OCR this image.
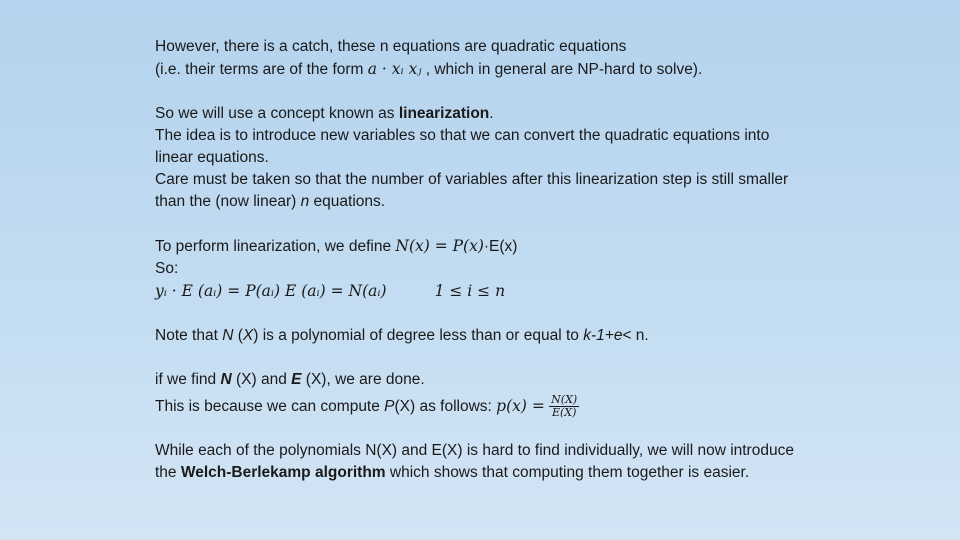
However, there is a catch, these n equations are quadratic equations
(i.e. their terms are of the form a · xᵢ xⱼ , which in general are NP-hard to solve).
So we will use a concept known as linearization.
The idea is to introduce new variables so that we can convert the quadratic equations into
linear equations.
Care must be taken so that the number of variables after this linearization step is still smaller
than the (now linear) n equations.
To perform linearization, we define N(x) = P(x)·E(x)
So:
yᵢ · E (aᵢ) = P(aᵢ) E (aᵢ) = N(aᵢ)	1 ≤ i ≤ n
Note that N (X) is a polynomial of degree less than or equal to k-1+e< n.
if we find N (X) and E (X), we are done.
This is because we can compute P(X) as follows: $p(x) = \frac{N(X)}{E(X)}$
While each of the polynomials N(X) and E(X) is hard to find individually, we will now introduce
the Welch-Berlekamp algorithm which shows that computing them together is easier.
